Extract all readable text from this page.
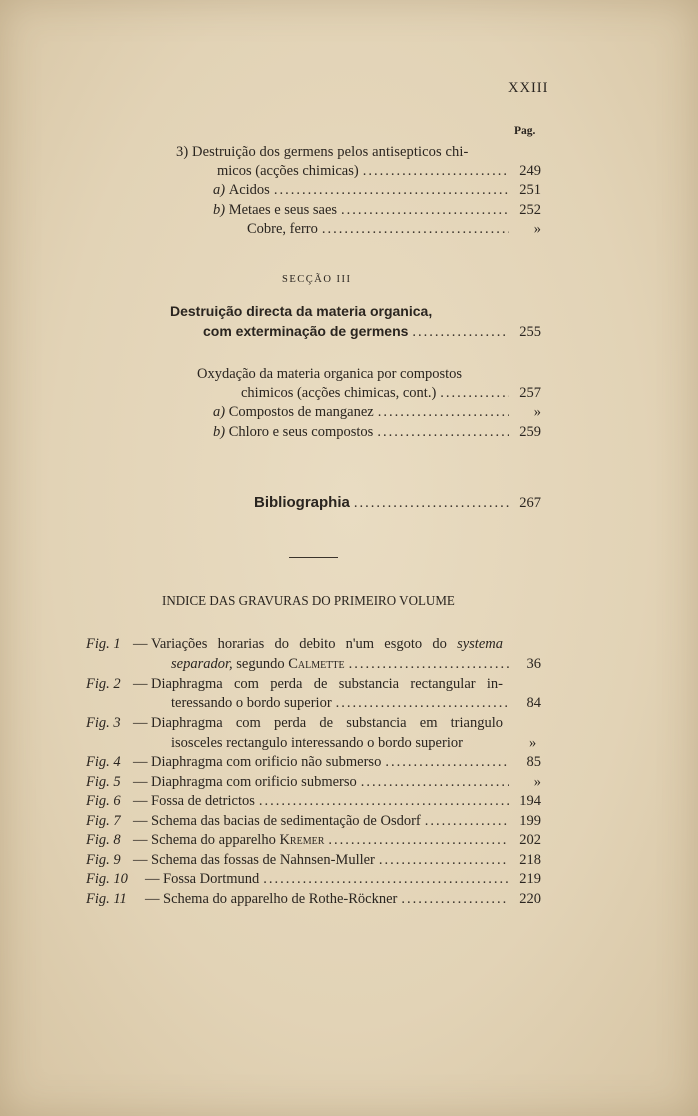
XXIII
Pag.
3) Destruição dos germens pelos antisepticos chi-
micos (acções chimicas) .....	249
a)
Acidos .....	251
b)
Metaes e seus saes .....	252
Cobre, ferro .....	»
SECÇÃO III
Destruição directa da materia organica,
com exterminação de germens .....	255
Oxydação da materia organica por compostos
chimicos (acções chimicas, cont.) .....	257
a)
Compostos de manganez .....	»
b)
Chloro e seus compostos .....	259
Bibliographia .....	267
INDICE DAS GRAVURAS DO PRIMEIRO VOLUME
Fig. 1 — Variações horarias do debito n'um esgoto do systema
separador, segundo Calmette .....	36
Fig. 2 — Diaphragma com perda de substancia rectangular in-
teressando o bordo superior .....	84
Fig. 3 — Diaphragma com perda de substancia em triangulo
isosceles rectangulo interessando o bordo superior	»
Fig. 4 — Diaphragma com orificio não submerso .....	85
Fig. 5 — Diaphragma com orificio submerso .....	»
Fig. 6 — Fossa de detrictos .....	194
Fig. 7 — Schema das bacias de sedimentação de Osdorf .....	199
Fig. 8 — Schema do apparelho Kremer .....	202
Fig. 9 — Schema das fossas de Nahnsen-Muller .....	218
Fig. 10 — Fossa Dortmund .....	219
Fig. 11 — Schema do apparelho de Rothe-Röckner .....	220
